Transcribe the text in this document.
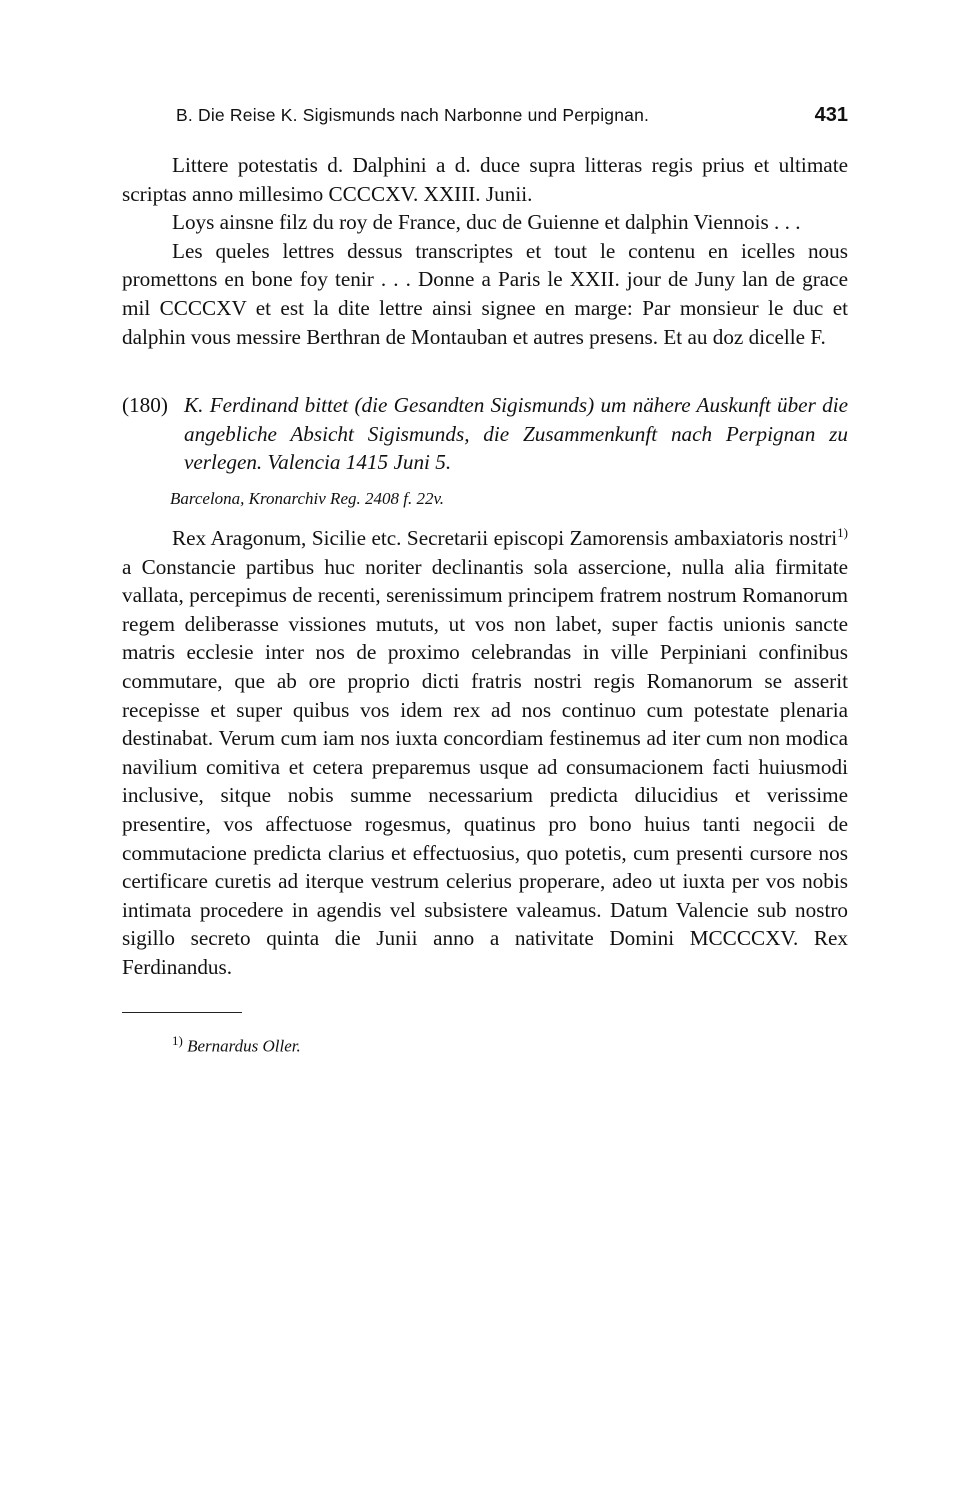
B. Die Reise K. Sigismunds nach Narbonne und Perpignan.	431

Littere potestatis d. Dalphini a d. duce supra litteras regis prius et ultimate scriptas anno millesimo CCCCXV. XXIII. Junii.

Loys ainsne filz du roy de France, duc de Guienne et dalphin Viennois . . .

Les queles lettres dessus transcriptes et tout le contenu en icelles nous promettons en bone foy tenir . . . Donne a Paris le XXII. jour de Juny lan de grace mil CCCCXV et est la dite lettre ainsi signee en marge: Par monsieur le duc et dalphin vous messire Berthran de Montauban et autres presens. Et au doz dicelle F.

(180) K. Ferdinand bittet (die Gesandten Sigismunds) um nähere Auskunft über die angebliche Absicht Sigismunds, die Zusammenkunft nach Perpignan zu verlegen. Valencia 1415 Juni 5.
Barcelona, Kronarchiv Reg. 2408 f. 22v.

Rex Aragonum, Sicilie etc. Secretarii episcopi Zamorensis ambaxiatoris nostri$^{1)}$ a Constancie partibus huc noriter declinantis sola assercione, nulla alia firmitate vallata, percepimus de recenti, serenissimum principem fratrem nostrum Romanorum regem deliberasse vissiones mututs, ut vos non labet, super factis unionis sancte matris ecclesie inter nos de proximo celebrandas in ville Perpiniani confinibus commutare, que ab ore proprio dicti fratris nostri regis Romanorum se asserit recepisse et super quibus vos idem rex ad nos continuo cum potestate plenaria destinabat. Verum cum iam nos iuxta concordiam festinemus ad iter cum non modica navilium comitiva et cetera preparemus usque ad consumacionem facti huiusmodi inclusive, sitque nobis summe necessarium predicta dilucidius et verissime presentire, vos affectuose rogesmus, quatinus pro bono huius tanti negocii de commutacione predicta clarius et effectuosius, quo potetis, cum presenti cursore nos certificare curetis ad iterque vestrum celerius properare, adeo ut iuxta per vos nobis intimata procedere in agendis vel subsistere valeamus. Datum Valencie sub nostro sigillo secreto quinta die Junii anno a nativitate Domini MCCCCXV. Rex Ferdinandus.

$^{1)}$ Bernardus Oller.
